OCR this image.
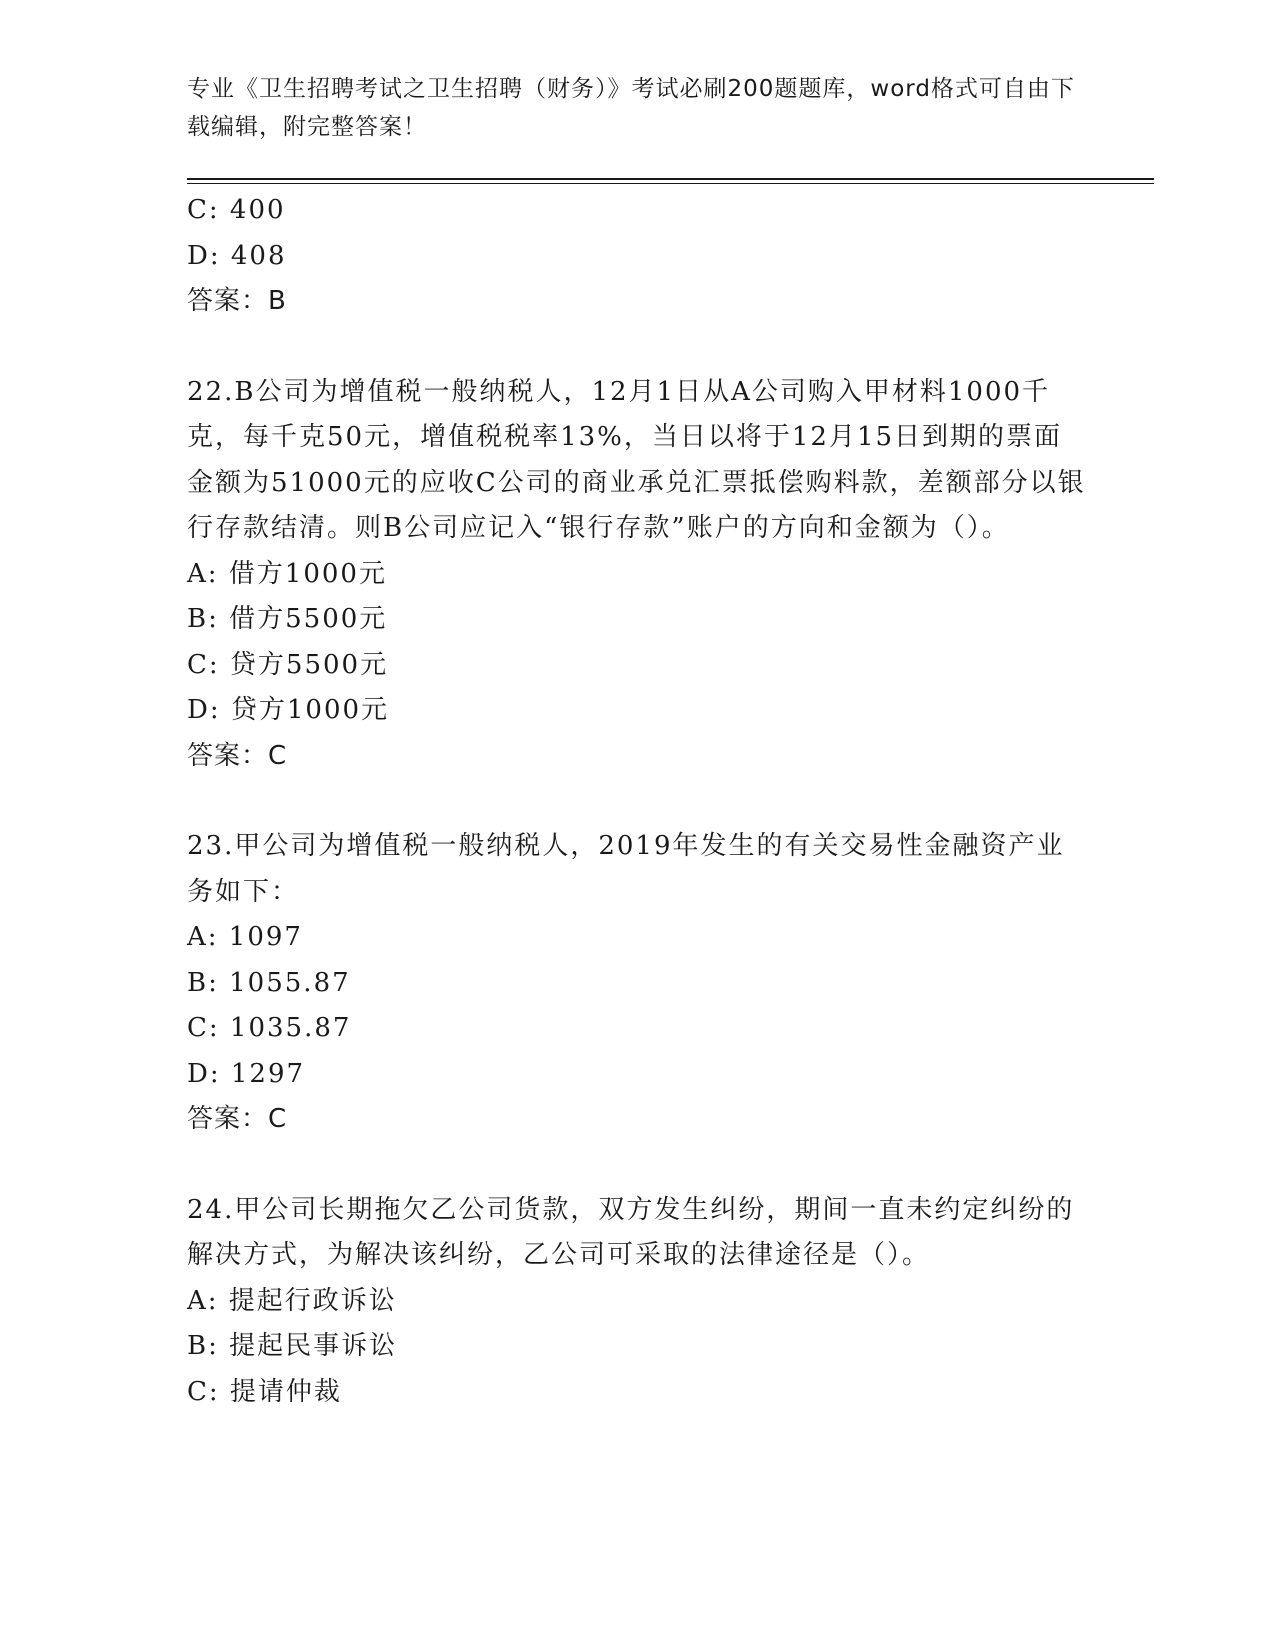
专业《卫生招聘考试之卫生招聘（财务）》考试必刷200题题库，word格式可自由下载编辑，附完整答案！
C: 400
D: 408
答案：B
22.B公司为增值税一般纳税人，12月1日从A公司购入甲材料1000千克，每千克50元，增值税税率13%，当日以将于12月15日到期的票面金额为51000元的应收C公司的商业承兑汇票抵偿购料款，差额部分以银行存款结清。则B公司应记入“银行存款”账户的方向和金额为（）。
A: 借方1000元
B: 借方5500元
C: 贷方5500元
D: 贷方1000元
答案：C
23.甲公司为增值税一般纳税人，2019年发生的有关交易性金融资产业务如下：
A: 1097
B: 1055.87
C: 1035.87
D: 1297
答案：C
24.甲公司长期拖欠乙公司货款，双方发生纠纷，期间一直未约定纠纷的解决方式，为解决该纠纷，乙公司可采取的法律途径是（）。
A: 提起行政诉讼
B: 提起民事诉讼
C: 提请仲裁
